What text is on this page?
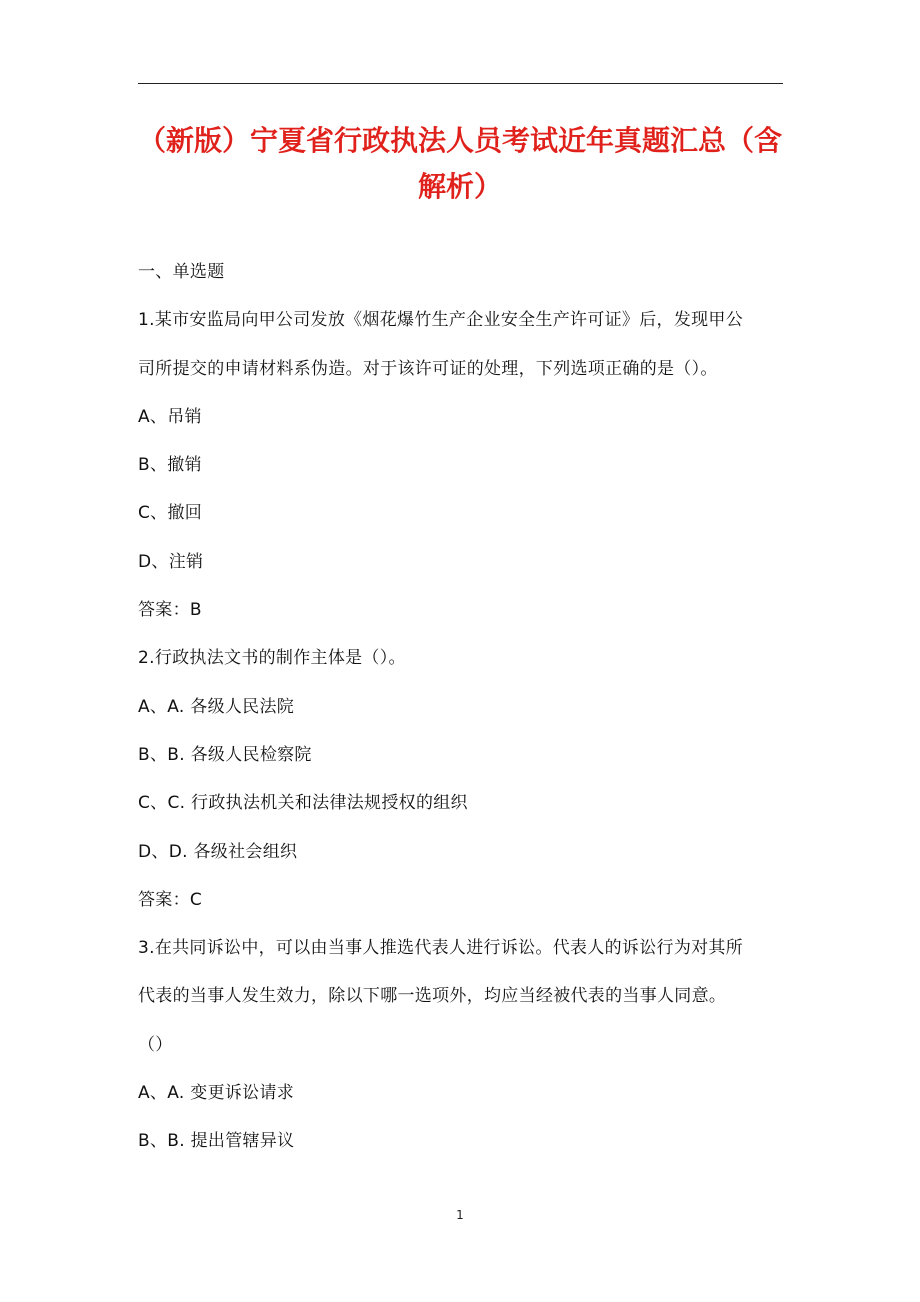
（新版）宁夏省行政执法人员考试近年真题汇总（含
解析）
一、单选题
1.某市安监局向甲公司发放《烟花爆竹生产企业安全生产许可证》后，发现甲公
司所提交的申请材料系伪造。对于该许可证的处理，下列选项正确的是（）。
A、吊销
B、撤销
C、撤回
D、注销
答案：B
2.行政执法文书的制作主体是（）。
A、A. 各级人民法院
B、B. 各级人民检察院
C、C. 行政执法机关和法律法规授权的组织
D、D. 各级社会组织
答案：C
3.在共同诉讼中，可以由当事人推选代表人进行诉讼。代表人的诉讼行为对其所
代表的当事人发生效力，除以下哪一选项外，均应当经被代表的当事人同意。
（）
A、A. 变更诉讼请求
B、B. 提出管辖异议
1
